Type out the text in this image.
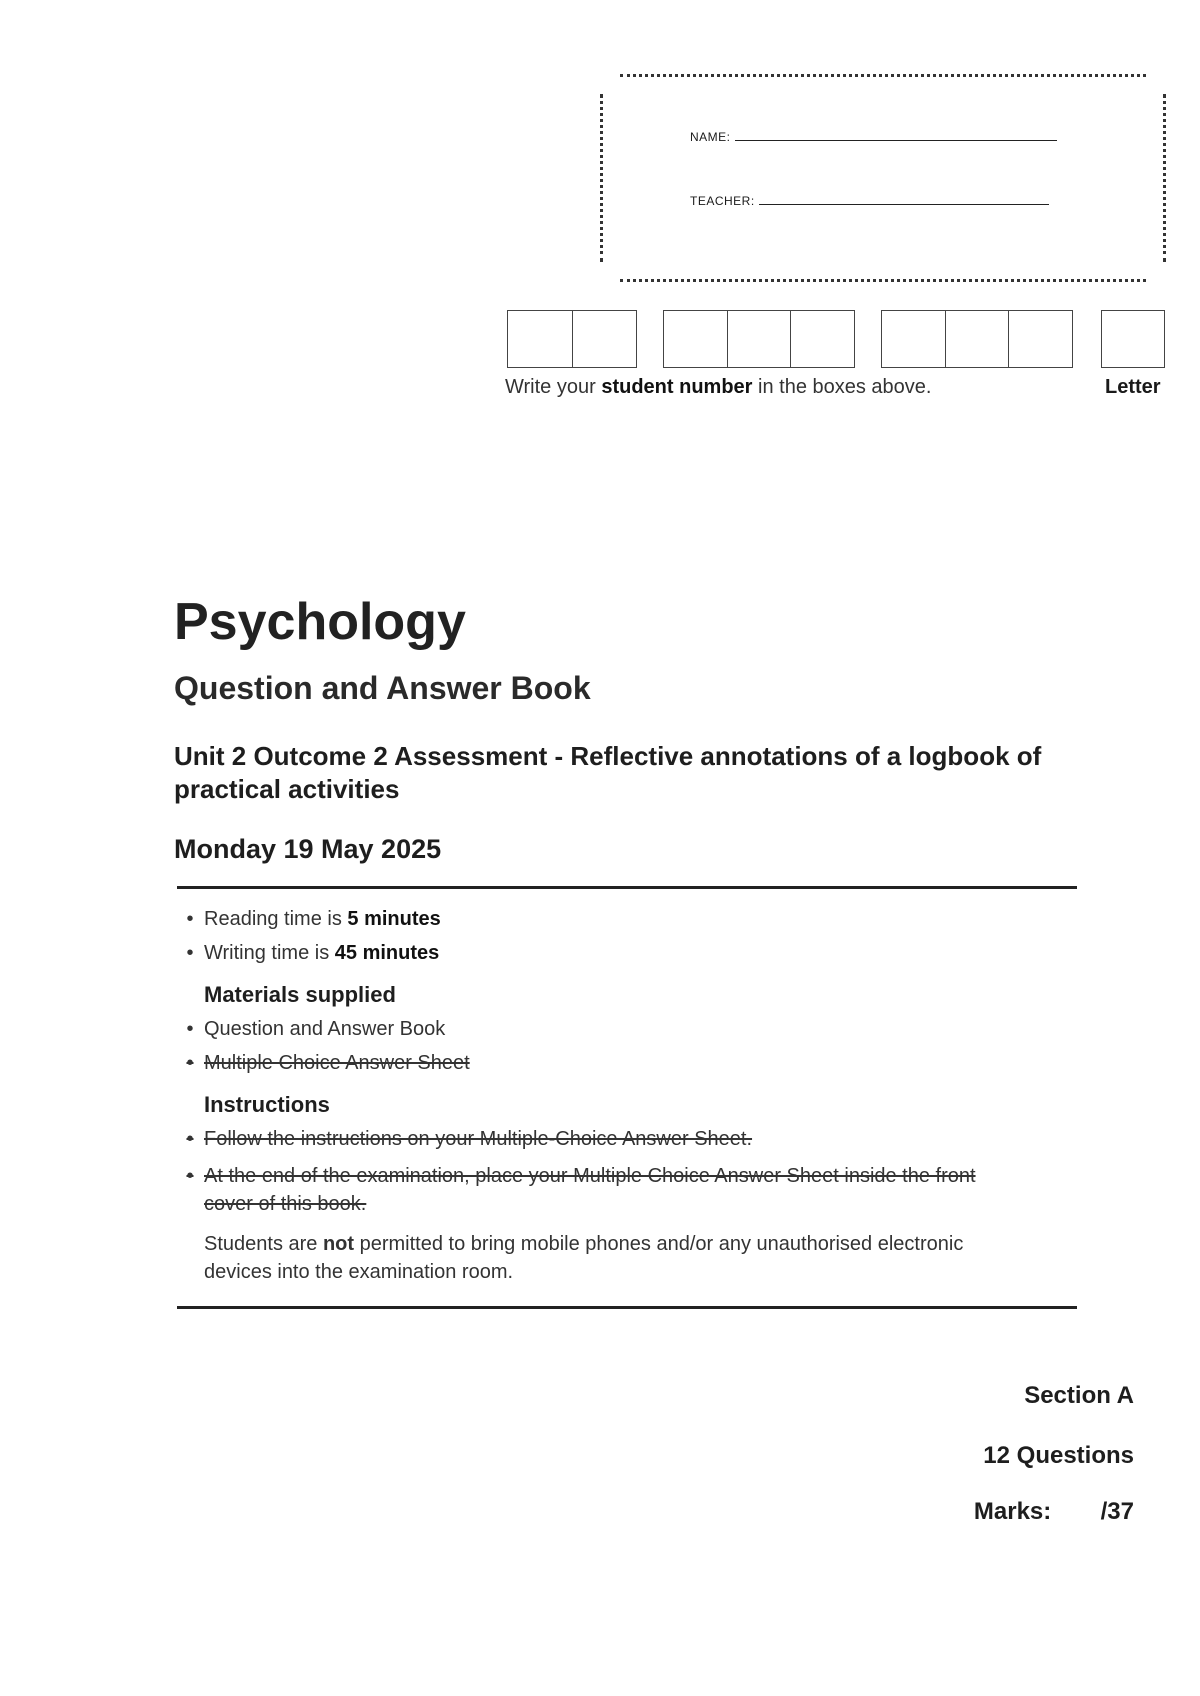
NAME:
TEACHER:
Write your student number in the boxes above.	Letter
Psychology
Question and Answer Book
Unit 2 Outcome 2 Assessment - Reflective annotations of a logbook of practical activities
Monday 19 May 2025
• Reading time is 5 minutes
• Writing time is 45 minutes
Materials supplied
• Question and Answer Book
• Multiple Choice Answer Sheet
Instructions
• Follow the instructions on your Multiple-Choice Answer Sheet.
• At the end of the examination, place your Multiple Choice Answer Sheet inside the front cover of this book.
Students are not permitted to bring mobile phones and/or any unauthorised electronic devices into the examination room.
Section A
12 Questions
Marks: /37
